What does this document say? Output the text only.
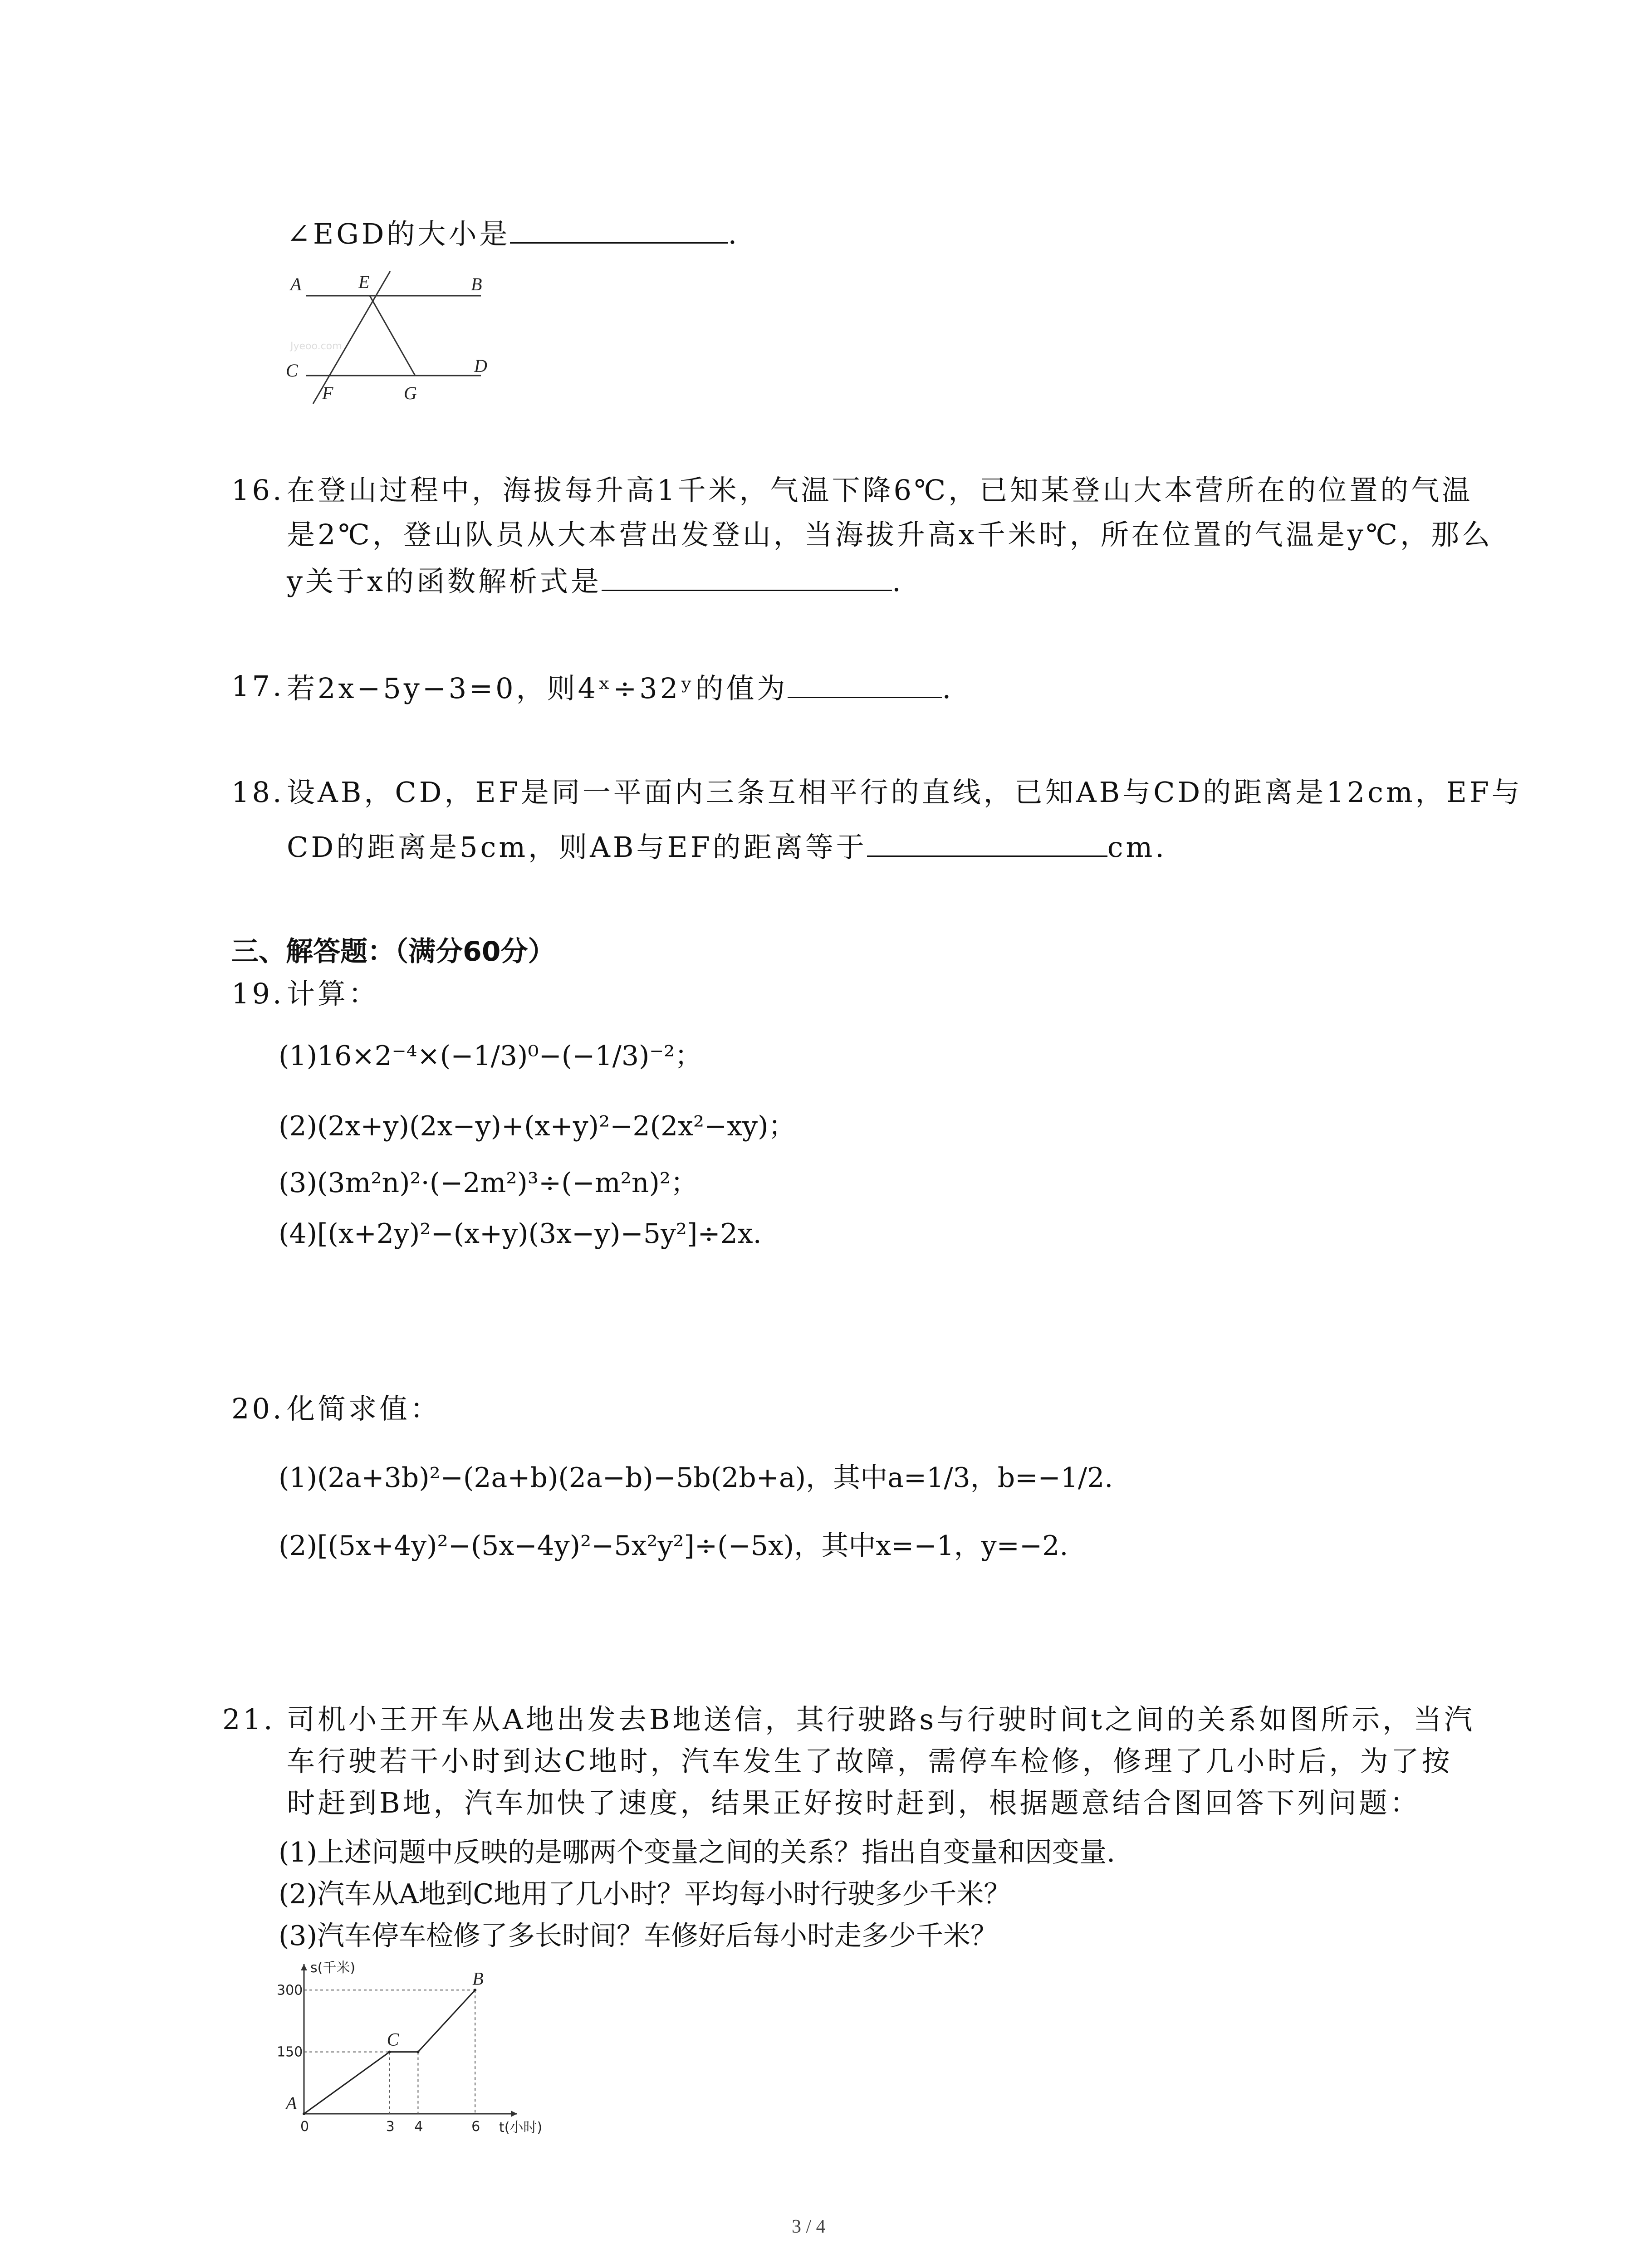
∠EGD的大小是	.
A	E	B
C	D
F	G
Jyeoo.com
16. 在登山过程中，海拔每升高1千米，气温下降6℃，已知某登山大本营所在的位置的气温
是2℃，登山队员从大本营出发登山，当海拔升高x千米时，所在位置的气温是y℃，那么
y关于x的函数解析式是	.
17. 若2x−5y−3=0，则4ˣ÷32ʸ的值为	.
18. 设AB，CD，EF是同一平面内三条互相平行的直线，已知AB与CD的距离是12cm，EF与
CD的距离是5cm，则AB与EF的距离等于	cm.
三、解答题：（满分60分）
19. 计算：
(1)16×2⁻⁴×(−1/3)⁰−(−1/3)⁻²；
(2)(2x+y)(2x−y)+(x+y)²−2(2x²−xy)；
(3)(3m²n)²·(−2m²)³÷(−m²n)²；
(4)[(x+2y)²−(x+y)(3x−y)−5y²]÷2x.
20. 化简求值：
(1)(2a+3b)²−(2a+b)(2a−b)−5b(2b+a)，其中a=1/3，b=−1/2.
(2)[(5x+4y)²−(5x−4y)²−5x²y²]÷(−5x)，其中x=−1，y=−2.
21. 司机小王开车从A地出发去B地送信，其行驶路s与行驶时间t之间的关系如图所示，当汽
车行驶若干小时到达C地时，汽车发生了故障，需停车检修，修理了几小时后，为了按
时赶到B地，汽车加快了速度，结果正好按时赶到，根据题意结合图回答下列问题：
(1)上述问题中反映的是哪两个变量之间的关系？指出自变量和因变量.
(2)汽车从A地到C地用了几小时？平均每小时行驶多少千米？
(3)汽车停车检修了多长时间？车修好后每小时走多少千米？
0	3 4	6
150
300
s(千米)
t(小时)
A
C
B
3 / 4
